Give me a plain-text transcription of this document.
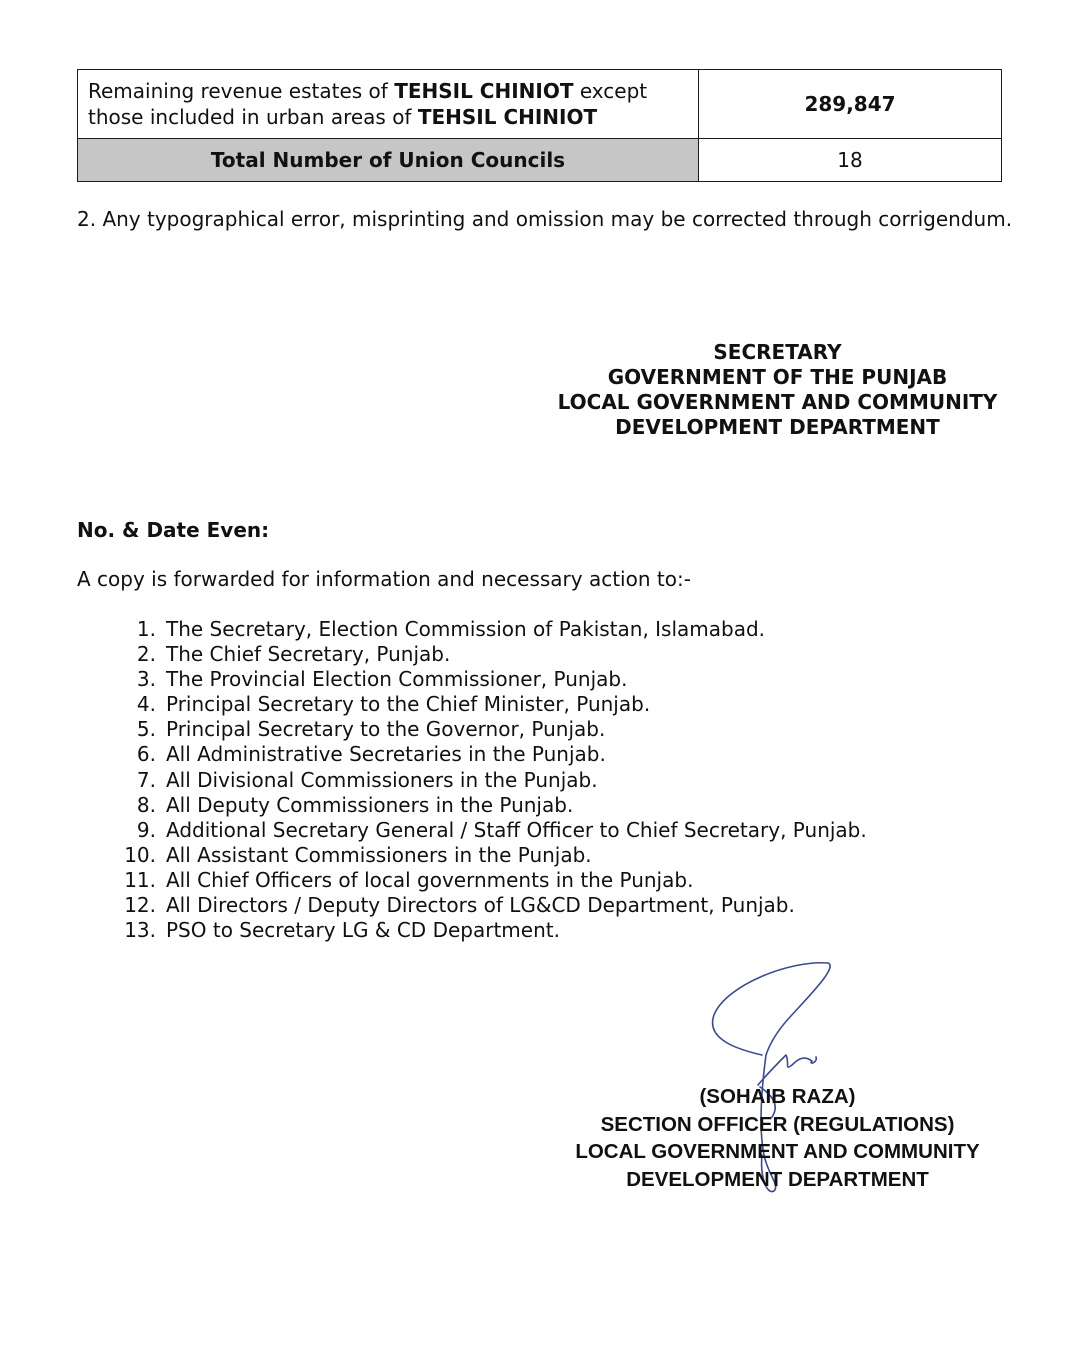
Remaining revenue estates of TEHSIL CHINIOT except
those included in urban areas of TEHSIL CHINIOT	289,847
Total Number of Union Councils	18
2. Any typographical error, misprinting and omission may be corrected through corrigendum.
SECRETARY
GOVERNMENT OF THE PUNJAB
LOCAL GOVERNMENT AND COMMUNITY
DEVELOPMENT DEPARTMENT
No. & Date Even:
A copy is forwarded for information and necessary action to:-
1. The Secretary, Election Commission of Pakistan, Islamabad.
2. The Chief Secretary, Punjab.
3. The Provincial Election Commissioner, Punjab.
4. Principal Secretary to the Chief Minister, Punjab.
5. Principal Secretary to the Governor, Punjab.
6. All Administrative Secretaries in the Punjab.
7. All Divisional Commissioners in the Punjab.
8. All Deputy Commissioners in the Punjab.
9. Additional Secretary General / Staff Officer to Chief Secretary, Punjab.
10. All Assistant Commissioners in the Punjab.
11. All Chief Officers of local governments in the Punjab.
12. All Directors / Deputy Directors of LG&CD Department, Punjab.
13. PSO to Secretary LG & CD Department.
(SOHAIB RAZA)
SECTION OFFICER (REGULATIONS)
LOCAL GOVERNMENT AND COMMUNITY
DEVELOPMENT DEPARTMENT
